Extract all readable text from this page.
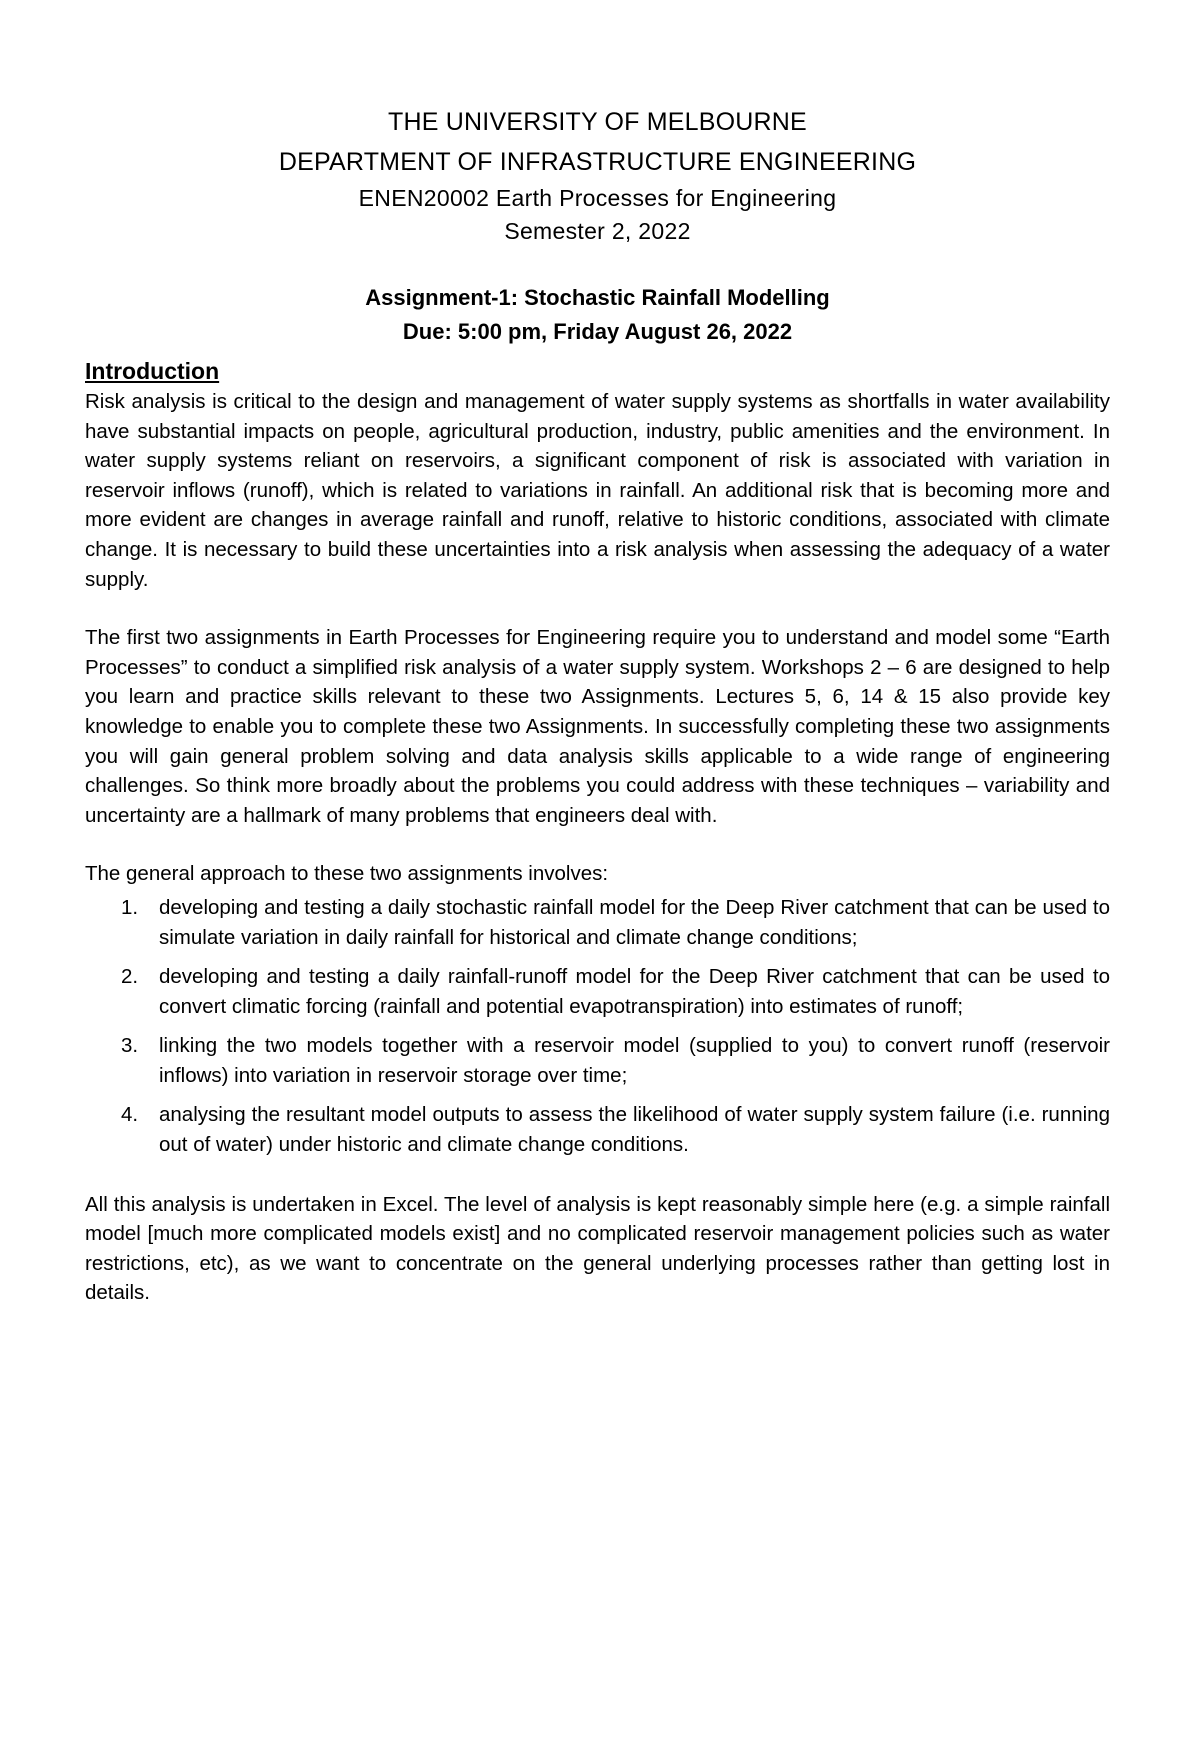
THE UNIVERSITY OF MELBOURNE
DEPARTMENT OF INFRASTRUCTURE ENGINEERING

ENEN20002 Earth Processes for Engineering

Semester 2, 2022

Assignment-1: Stochastic Rainfall Modelling

Due: 5:00 pm, Friday August 26, 2022

Introduction

Risk analysis is critical to the design and management of water supply systems as shortfalls in water availability have substantial impacts on people, agricultural production, industry, public amenities and the environment. In water supply systems reliant on reservoirs, a significant component of risk is associated with variation in reservoir inflows (runoff), which is related to variations in rainfall. An additional risk that is becoming more and more evident are changes in average rainfall and runoff, relative to historic conditions, associated with climate change. It is necessary to build these uncertainties into a risk analysis when assessing the adequacy of a water supply.

The first two assignments in Earth Processes for Engineering require you to understand and model some “Earth Processes” to conduct a simplified risk analysis of a water supply system. Workshops 2 – 6 are designed to help you learn and practice skills relevant to these two Assignments. Lectures 5, 6, 14 & 15 also provide key knowledge to enable you to complete these two Assignments. In successfully completing these two assignments you will gain general problem solving and data analysis skills applicable to a wide range of engineering challenges. So think more broadly about the problems you could address with these techniques – variability and uncertainty are a hallmark of many problems that engineers deal with.

The general approach to these two assignments involves:

1. developing and testing a daily stochastic rainfall model for the Deep River catchment that can be used to simulate variation in daily rainfall for historical and climate change conditions;
2. developing and testing a daily rainfall-runoff model for the Deep River catchment that can be used to convert climatic forcing (rainfall and potential evapotranspiration) into estimates of runoff;
3. linking the two models together with a reservoir model (supplied to you) to convert runoff (reservoir inflows) into variation in reservoir storage over time;
4. analysing the resultant model outputs to assess the likelihood of water supply system failure (i.e. running out of water) under historic and climate change conditions.

All this analysis is undertaken in Excel. The level of analysis is kept reasonably simple here (e.g. a simple rainfall model [much more complicated models exist] and no complicated reservoir management policies such as water restrictions, etc), as we want to concentrate on the general underlying processes rather than getting lost in details.
